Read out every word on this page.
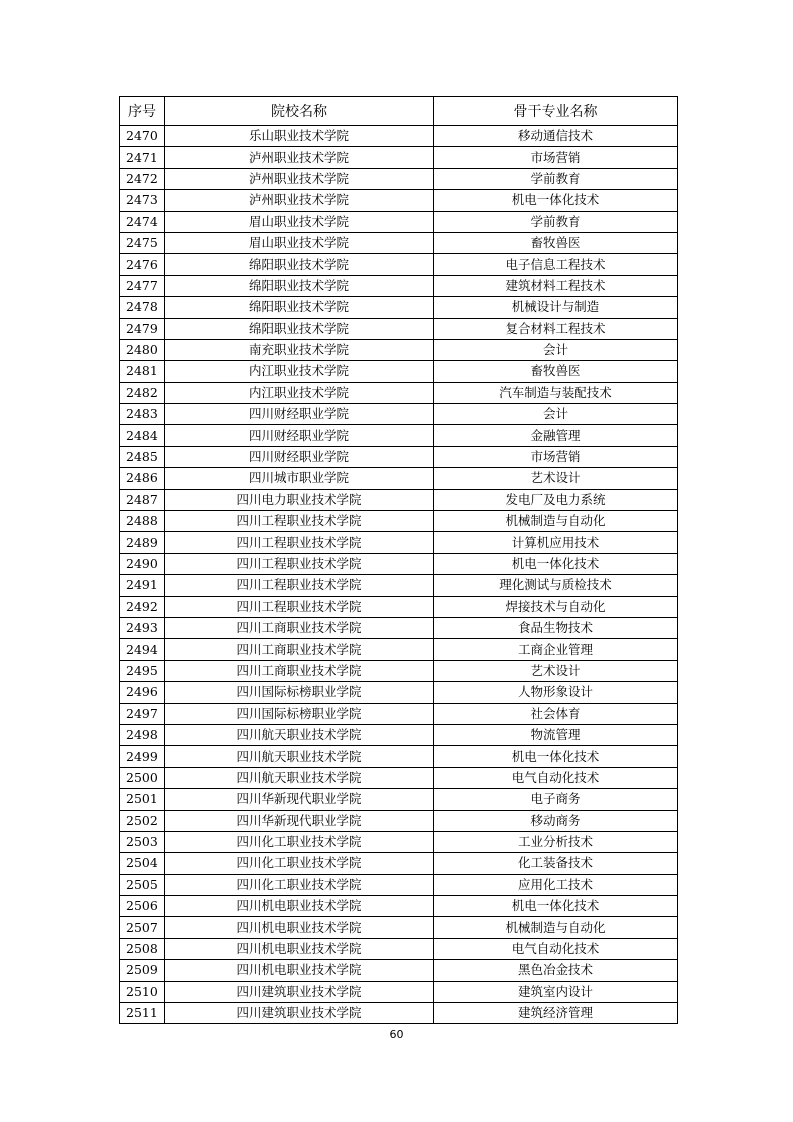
序号	院校名称	骨干专业名称
2470	乐山职业技术学院	移动通信技术
2471	泸州职业技术学院	市场营销
2472	泸州职业技术学院	学前教育
2473	泸州职业技术学院	机电一体化技术
2474	眉山职业技术学院	学前教育
2475	眉山职业技术学院	畜牧兽医
2476	绵阳职业技术学院	电子信息工程技术
2477	绵阳职业技术学院	建筑材料工程技术
2478	绵阳职业技术学院	机械设计与制造
2479	绵阳职业技术学院	复合材料工程技术
2480	南充职业技术学院	会计
2481	内江职业技术学院	畜牧兽医
2482	内江职业技术学院	汽车制造与装配技术
2483	四川财经职业学院	会计
2484	四川财经职业学院	金融管理
2485	四川财经职业学院	市场营销
2486	四川城市职业学院	艺术设计
2487	四川电力职业技术学院	发电厂及电力系统
2488	四川工程职业技术学院	机械制造与自动化
2489	四川工程职业技术学院	计算机应用技术
2490	四川工程职业技术学院	机电一体化技术
2491	四川工程职业技术学院	理化测试与质检技术
2492	四川工程职业技术学院	焊接技术与自动化
2493	四川工商职业技术学院	食品生物技术
2494	四川工商职业技术学院	工商企业管理
2495	四川工商职业技术学院	艺术设计
2496	四川国际标榜职业学院	人物形象设计
2497	四川国际标榜职业学院	社会体育
2498	四川航天职业技术学院	物流管理
2499	四川航天职业技术学院	机电一体化技术
2500	四川航天职业技术学院	电气自动化技术
2501	四川华新现代职业学院	电子商务
2502	四川华新现代职业学院	移动商务
2503	四川化工职业技术学院	工业分析技术
2504	四川化工职业技术学院	化工装备技术
2505	四川化工职业技术学院	应用化工技术
2506	四川机电职业技术学院	机电一体化技术
2507	四川机电职业技术学院	机械制造与自动化
2508	四川机电职业技术学院	电气自动化技术
2509	四川机电职业技术学院	黑色冶金技术
2510	四川建筑职业技术学院	建筑室内设计
2511	四川建筑职业技术学院	建筑经济管理
60
